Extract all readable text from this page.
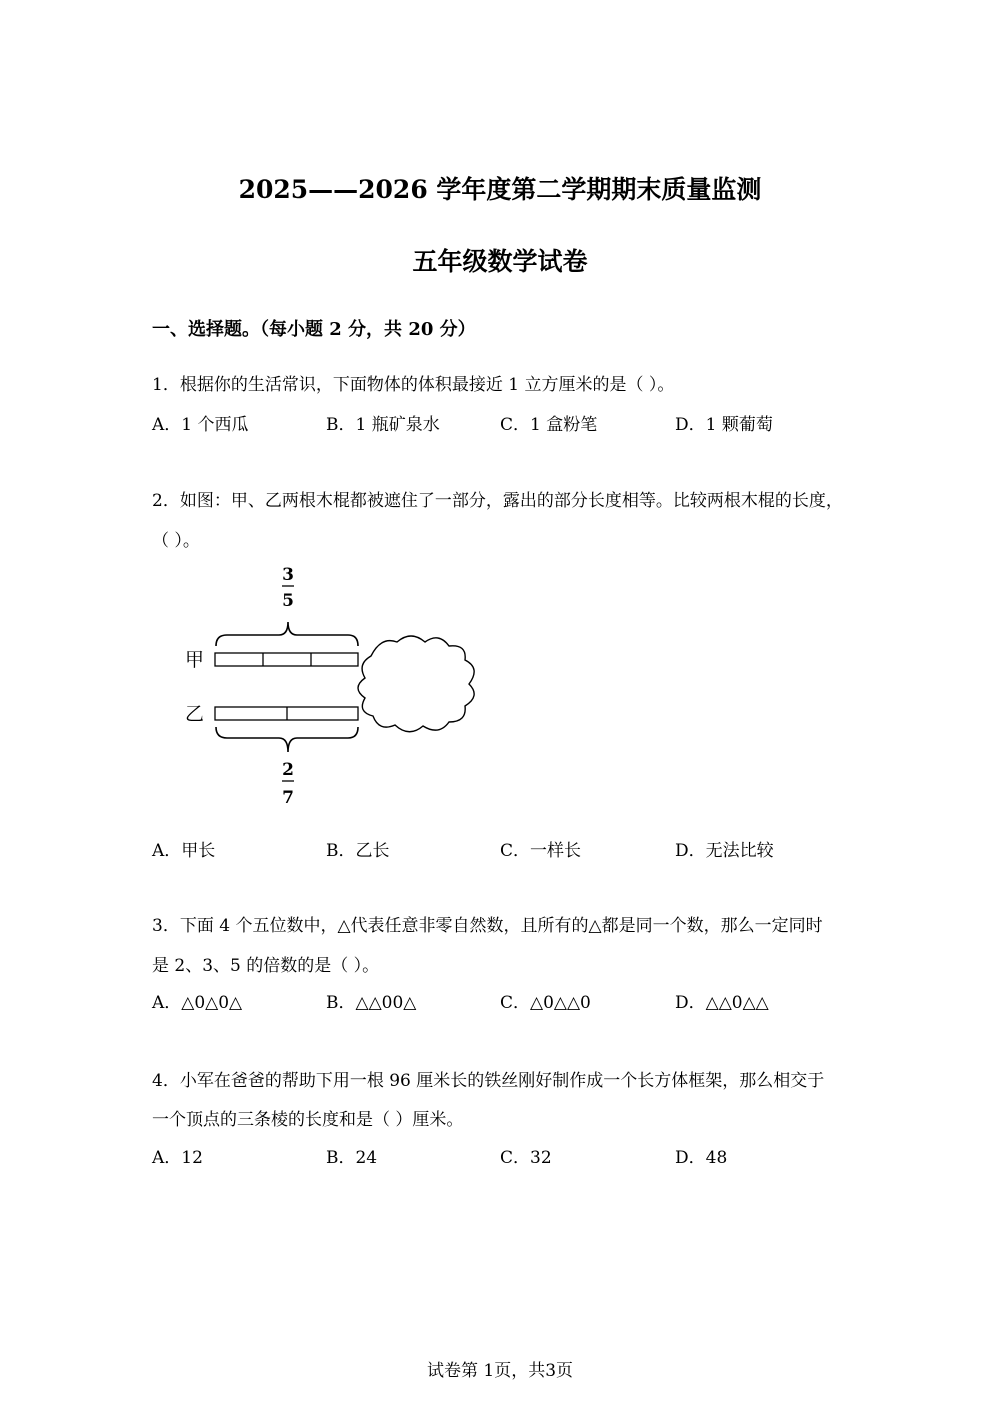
2025——2026 学年度第二学期期末质量监测
五年级数学试卷
一、选择题。（每小题 2 分，共 20 分）
1．根据你的生活常识，下面物体的体积最接近 1 立方厘米的是（ ）。
A．1 个西瓜	B．1 瓶矿泉水	C．1 盒粉笔	D．1 颗葡萄
2．如图：甲、乙两根木棍都被遮住了一部分，露出的部分长度相等。比较两根木棍的长度，
（ ）。
3
5
甲
乙
2
7
A．甲长	B．乙长	C．一样长	D．无法比较
3．下面 4 个五位数中，△代表任意非零自然数，且所有的△都是同一个数，那么一定同时
是 2、3、5 的倍数的是（ ）。
A．△0△0△	B．△△00△	C．△0△△0	D．△△0△△
4．小军在爸爸的帮助下用一根 96 厘米长的铁丝刚好制作成一个长方体框架，那么相交于
一个顶点的三条棱的长度和是（ ）厘米。
A．12	B．24	C．32	D．48
试卷第 1页，共3页
